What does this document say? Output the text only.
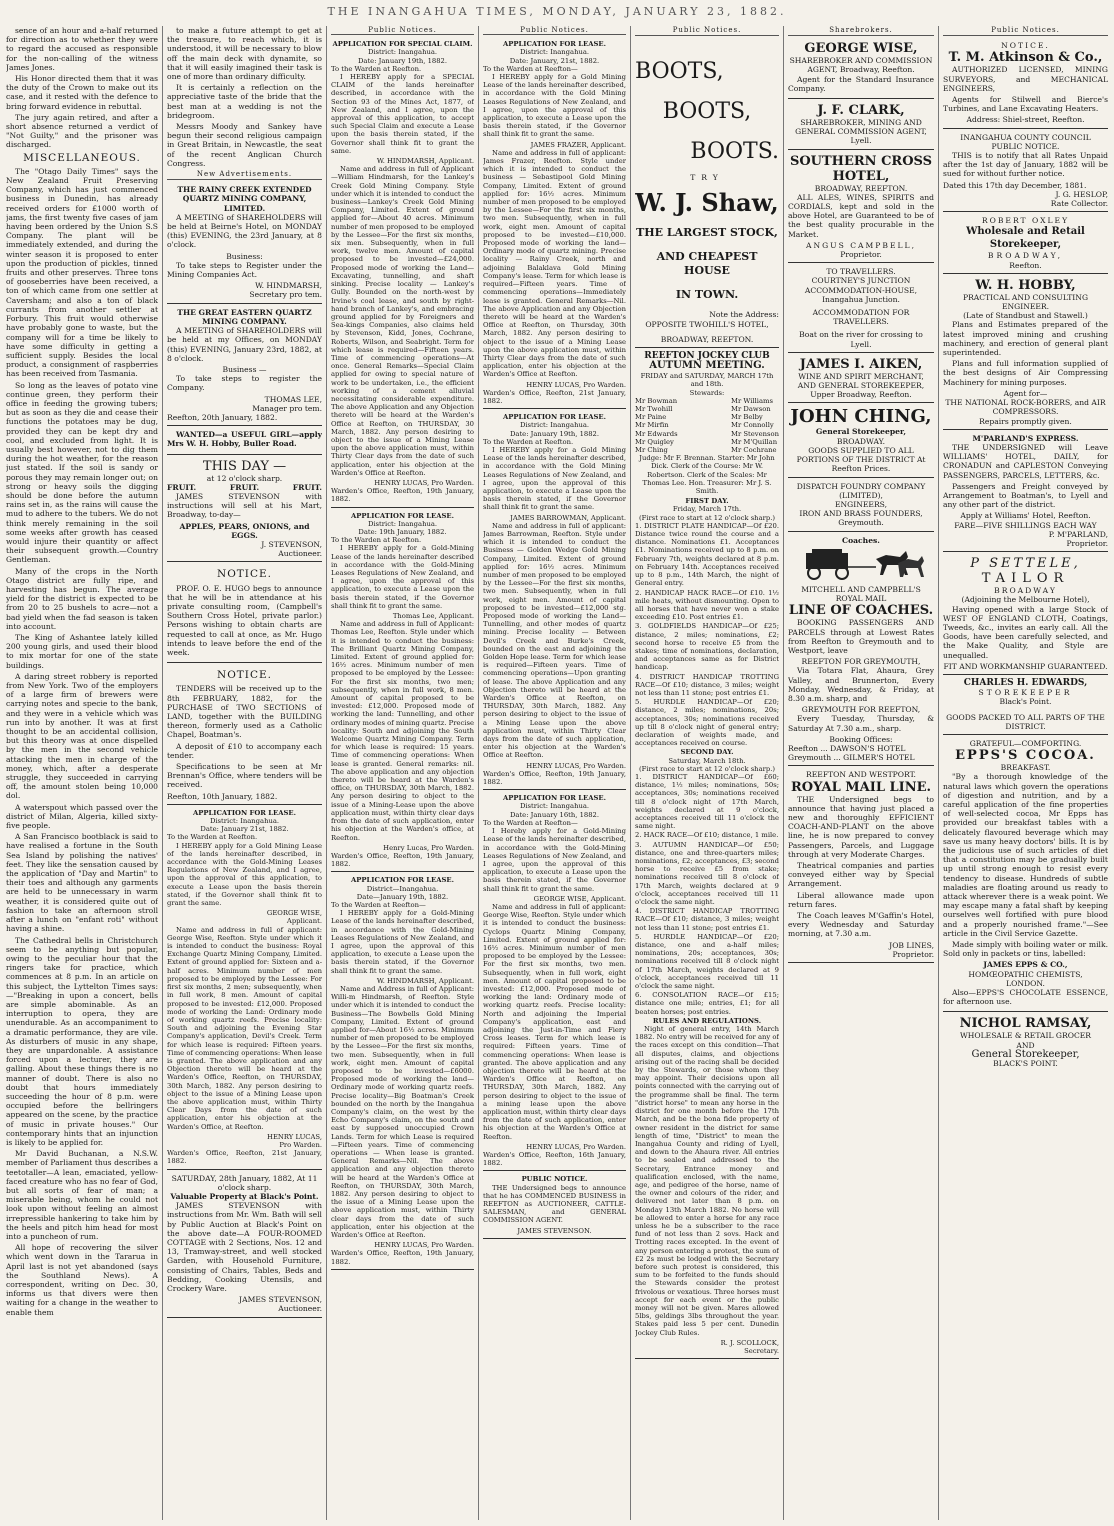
THE INANGAHUA TIMES, MONDAY, JANUARY 23, 1882.

sence of an hour and a-half returned for direction as to whether they were to regard the accused as responsible for the non-calling of the witness James Jones.

His Honor directed them that it was the duty of the Crown to make out its case, and it rested with the defence to bring forward evidence in rebuttal.

The jury again retired, and after a short absence returned a verdict of "Not Guilty," and the prisoner was discharged.

MISCELLANEOUS.

The "Otago Daily Times" says the New Zealand Fruit Preserving Company, which has just commenced business in Dunedin, has already received orders for £1000 worth of jams, the first twenty five cases of jam having been ordered by the Union S.S Company. The plant will be immediately extended, and during the winter season it is proposed to enter upon the production of pickles, tinned fruits and other preserves. Three tons of gooseberries have been received, a ton of which came from one settler at Caversham; and also a ton of black currants from another settler at Forbury. This fruit would otherwise have probably gone to waste, but the company will for a time be likely to have some difficulty in getting a sufficient supply. Besides the local product, a consignment of raspberries has been received from Tasmania.

So long as the leaves of potato vine continue green, they perform their office in feeding the growing tubers; but as soon as they die and cease their functions the potatoes may be dug, provided they can be kept dry and cool, and excluded from light. It is usually best however, not to dig them during the hot weather, for the reason just stated. If the soil is sandy or porous they may remain longer out; on strong or heavy soils the digging should be done before the autumn rains set in, as the rains will cause the mud to adhere to the tubers. We do not think merely remaining in the soil some weeks after growth has ceased would injure their quantity or affect their subsequent growth.—Country Gentleman.

Many of the crops in the North Otago district are fully ripe, and harvesting has begun. The average yield for the district is expected to be from 20 to 25 bushels to acre—not a bad yield when the fad season is taken into account.

The King of Ashantee lately killed 200 young girls, and used their blood to mix mortar for one of the state buildings.

A daring street robbery is reported from New York. Two of the employers of a large firm of brewers were carrying notes and specie to the bank, and they were in a vehicle which was run into by another. It was at first thought to be an accidental collision, but this theory was at once dispelled by the men in the second vehicle attacking the men in charge of the money, which, after a desperate struggle, they succeeded in carrying off, the amount stolen being 10,000 dol.

A waterspout which passed over the district of Milan, Algeria, killed sixty-five people.

A San Francisco bootblack is said to have realised a fortune in the South Sea Island by polishing the natives' feet. They like the sensation caused by the application of "Day and Martin" to their toes and although any garments are held to be unnecessary in warm weather, it is considered quite out of fashion to take an afternoon stroll after a lunch on "enfant roti" without having a shine.

The Cathedral bells in Christchurch seem to be anything but popular, owing to the peculiar hour that the ringers take for practice, which commences at 8 p.m. In an article on this subject, the Lyttelton Times says: —"Breaking in upon a concert, bells are simple abominable. As an interruption to opera, they are unendurable. As an accompaniment to a dramatic performance, they are vile. As disturbers of music in any shape, they are unpardonable. A assistance forced upon a lecturer, they are galling. About these things there is no manner of doubt. There is also no doubt that hours immediately succeeding the hour of 8 p.m. were occupied before the bellringers appeared on the scene, by the practice of music in private houses." Our contemporary hints that an injunction is likely to be applied for.

Mr David Buchanan, a N.S.W. member of Parliament thus describes a teetotaller—A lean, emaciated, yellow-faced creature who has no fear of God, but all sorts of fear of man; a miserable being, whom he could not look upon without feeling an almost irrepressible hankering to take him by the heels and pitch him head for most into a puncheon of rum.

All hope of recovering the silver which went down in the Tararua in April last is not yet abandoned (says the Southland News). A correspondent, writing on Dec. 30, informs us that divers were then waiting for a change in the weather to enable them

to make a future attempt to get at the treasure, to reach which, it is understood, it will be necessary to blow off the main deck with dynamite, so that it will easily imagined their task is one of more than ordinary difficulty.

It is certainly a reflection on the appreciative taste of the bride that the best man at a wedding is not the bridegroom.

Messrs Moody and Sankey have begun their second religious campaign in Great Britain, in Newcastle, the seat of the recent Anglican Church Congress.

New Advertisements.
THE RAINY CREEK EXTENDED QUARTZ MINING COMPANY, LIMITED.

A MEETING of SHAREHOLDERS will be held at Beirne's Hotel, on MONDAY (this) EVENING, the 23rd January, at 8 o'clock.

Business:

To take steps to Register under the Mining Companies Act.

W. HINDMARSH,
Secretary pro tem.
THE GREAT EASTERN QUARTZ MINING COMPANY.

A MEETING of SHAREHOLDERS will be held at my Offices, on MONDAY (this) EVENING, January 23rd, 1882, at 8 o'clock.

Business —

To take steps to register the Company.

THOMAS LEE,
Manager pro tem.
Reefton, 20th January, 1882.

WANTED—a USEFUL GIRL—apply Mrs W. H. Hobby, Buller Road.

THIS DAY —
at 12 o'clock sharp.
FRUIT.	FRUIT.	FRUIT.

JAMES STEVENSON with instructions will sell at his Mart, Broadway, to-day—

APPLES, PEARS, ONIONS, and EGGS.
J. STEVENSON,
Auctioneer.
NOTICE.

PROF. O. E. HUGO begs to announce that he will be in attendance at his private consulting room, (Campbell's Southern Cross Hotel, private parlor.) Persons wishing to obtain charts are requested to call at once, as Mr. Hugo intends to leave before the end of the week.

NOTICE.

TENDERS will be received up to the 8th FEBRUARY, 1882, for the PURCHASE of TWO SECTIONS of LAND, together with the BUILDING thereon, formerly used as a Catholic Chapel, Boatman's.

A deposit of £10 to accompany each tender.

Specifications to be seen at Mr Brennan's Office, where tenders will be received.

Reefton, 10th January, 1882.
APPLICATION FOR LEASE.
District: Inangahua.
Date: January 21st, 1882.
To the Warden at Reefton.

I HEREBY apply for a Gold Mining Lease of the lands hereinafter described, in accordance with the Gold-Mining Leases Regulations of New Zealand, and I agree, upon the approval of this application, to execute a Lease upon the basis therein stated, if the Governor shall think fit to grant the same.

GEORGE WISE,
Applicant.

Name and address in full of applicant: George Wise, Reefton. Style under which it is intended to conduct the business: Royal Exchange Quartz Mining Company, Limited. Extent of ground applied for: Sixteen and a-half acres. Minimum number of men proposed to be employed by the Lessee: For first six months, 2 men; subsequently, when in full work, 8 men. Amount of capital proposed to be invested: £12,000. Proposed mode of working the Land: Ordinary mode of working quartz reefs. Precise locality: South and adjoining the Evening Star Company's application, Devil's Creek. Term for which lease is required: Fifteen years. Time of commencing operations: When lease is granted. The above application and any Objection thereto will be heard at the Warden's Office, Reefton, on THURSDAY, 30th March, 1882. Any person desiring to object to the issue of a Mining Lease upon the above application must, within Thirty Clear Days from the date of such application, enter his objection at the Warden's Office, at Reefton.

HENRY LUCAS,
Pro Warden.
Warden's Office, Reefton, 21st January, 1882.
SATURDAY, 28th January, 1882, At 11 o'clock sharp.
Valuable Property at Black's Point.

JAMES STEVENSON with instructions from Mr. Wm. Bath will sell by Public Auction at Black's Point on the above date—A FOUR-ROOMED COTTAGE with 2 Sections, Nos. 12 and 13, Tramway-street, and well stocked Garden, with Household Furniture, consisting of Chairs, Tables, Beds and Bedding, Cooking Utensils, and Crockery Ware.

JAMES STEVENSON,
Auctioneer.
Public Notices.
APPLICATION FOR SPECIAL CLAIM.
District: Inangahua.
Date: January 19th, 1882.
To the Warden at Reefton.

I HEREBY apply for a SPECIAL CLAIM of the lands hereinafter described, in accordance with the Section 93 of the Mines Act, 1877, of New Zealand, and I agree, upon the approval of this application, to accept such Special Claim and execute a Lease upon the basis therein stated, if the Governor shall think fit to grant the same.

W. HINDMARSH, Applicant.

Name and address in full of Applicant —William Hindmarsh, for the Lankey's Creek Gold Mining Company. Style under which it is intended to conduct the business—Lankey's Creek Gold Mining Company, Limited. Extent of ground applied for—About 40 acres. Minimum number of men proposed to be employed by the Lessee—For the first six months, six men. Subsequently, when in full work, twelve men. Amount of capital proposed to be invested—£24,000. Proposed mode of working the Land—Excavating, tunnelling, and shaft sinking. Precise locality — Lankey's Gully. Bounded on the north-west by Irvine's coal lease, and south by right-hand branch of Lankey's, and embracing ground applied for by Foreigners and Sea-kings Companies, also claims held by Stevenson, Kidd, Jones, Cochrane, Roberts, Wilson, and Seabright. Term for which lease is required—Fifteen years. Time of commencing operations—At once. General Remarks—Special Claim applied for owing to special nature of work to be undertaken, i.e., the efficient working of a cement alluvial necessitating considerable expenditure. The above Application and any Objection thereto will be heard at the Warden's Office at Reefton, on THURSDAY, 30 March, 1882. Any person desiring to object to the issue of a Mining Lease upon the above application must, within Thirty Clear days from the date of such application, enter his objection at the Warden's Office at Reefton.

HENRY LUCAS, Pro Warden.
Warden's Office, Reefton, 19th January, 1882.
APPLICATION FOR LEASE.
District: Inangahua.
Date: 19th January, 1882.
To the Warden at Reefton.

I HEREBY apply for a Gold-Mining Lease of the lands hereinafter described in accordance with the Gold-Mining Leases Regulations of New Zealand, and I agree, upon the approval of this application, to execute a Lease upon the basis therein stated, if the Governor shall think fit to grant the same.

Thomas Lee, Applicant.

Name and address in full of Applicant: Thomas Lee, Reefton. Style under which it is intended to conduct the business: The Brilliant Quartz Mining Company, Limited. Extent of ground applied for: 16½ acres. Minimum number of men proposed to be employed by the Lessee: For the first six months, two men; subsequently, when in full work, 8 men. Amount of capital proposed to be invested: £12,000. Proposed mode of working the land: Tunnelling, and other ordinary modes of mining quartz. Precise locality: South and adjoining the South Welcome Quartz Mining Company. Term for which lease is required: 15 years. Time of commencing operations: When lease is granted. General remarks: nil. The above application and any objection thereto will be heard at the Warden's office, on THURSDAY, 30th March, 1882. Any person desiring to object to the issue of a Mining-Lease upon the above application must, within thirty clear days from the date of such application, enter his objection at the Warden's office, at Reefton.

Henry Lucas, Pro Warden.
Warden's Office, Reefton, 19th January, 1882.
APPLICATION FOR LEASE.
District—Inangahua.
Date—January 19th, 1882.
To the Warden at Reefton—

I HEREBY apply for a Gold-Mining Lease of the lands hereinafter described, in accordance with the Gold-Mining Leases Regulations of New Zealand, and I agree, upon the approval of this application, to execute a Lease upon the basis therein stated, if the Governor shall think fit to grant the same.

W. HINDMARSH, Applicant.

Name and Address in full of Applicant: Willi-m Hindmarsh, of Reefton. Style under which it is intended to conduct the Business—The Bowbells Gold Mining Company, Limited. Extent of ground applied for—About 16½ acres. Minimum number of men proposed to be employed by the Lessee—For the first six months, two men. Subsequently, when in full work, eight men. Amount of capital proposed to be invested—£6000. Proposed mode of working the land—Ordinary mode of working quartz reefs. Precise locality—Big Boatman's Creek bounded on the north by the Inangahua Company's claim, on the west by the Echo Company's claim, on the south and east by supposed unoccupied Crown Lands. Term for which Lease is required—Fifteen years. Time of commencing operations — When lease is granted. General Remarks—Nil. The above application and any objection thereto will be heard at the Warden's Office at Reefton, on THURSDAY, 30th March, 1882. Any person desiring to object to the issue of a Mining Lease upon the above application must, within Thirty clear days from the date of such application, enter his objection at the Warden's Office at Reefton.

HENRY LUCAS, Pro Warden.
Warden's Office, Reefton, 19th January, 1882.
Public Notices.
APPLICATION FOR LEASE.
District: Inangahua.
Date: January, 21st, 1882.
To the Warden at Reefton—

I HEREBY apply for a Gold Mining Lease of the lands hereinafter described, in accordance with the Gold Mining Leases Regulations of New Zealand, and I agree, upon the approval of this application, to execute a Lease upon the basis therein stated, if the Governor shall think fit to grant the same.

JAMES FRAZER, Applicant.

Name and address in full of applicant: James Frazer, Reefton. Style under which it is intended to conduct the business — Sebastipool Gold Mining Company, Limited. Extent of ground applied for: 16½ acres. Minimum number of men proposed to be employed by the Lessee—For the first six months, two men. Subsequently, when in full work, eight men. Amount of capital proposed to be invested—£10,000. Proposed mode of working the land—Ordinary mode of quartz mining. Precise locality — Rainy Creek, north and adjoining Balaklava Gold Mining Company's lease. Term for which lease is required—Fifteen years. Time of commencing operations—Immediately lease is granted. General Remarks—Nil. The above Application and any Objection thereto will be heard at the Warden's Office at Reefton, on Thursday, 30th March, 1882. Any person desiring to object to the issue of a Mining Lease upon the above application must, within Thirty Clear days from the date of such application, enter his objection at the Warden's Office at Reefton.

HENRY LUCAS, Pro Warden.
Warden's Office, Reefton, 21st January, 1882.
APPLICATION FOR LEASE.
District: Inangahua.
Date: January 19th, 1882.
To the Warden at Reefton.

I HEREBY apply for a Gold Mining Lease of the lands hereinafter described, in accordance with the Gold Mining Leases Regulations of New Zealand, and I agree, upon the approval of this application, to execute a Lease upon the basis therein stated, if the Governor shall think fit to grant the same.

JAMES BARROWMAN, Applicant.

Name and address in full of applicant: James Barrowman, Reefton. Style under which it is intended to conduct the Business — Golden Wedge Gold Mining Company, Limited. Extent of ground applied for: 16½ acres. Minimum number of men proposed to be employed by the Lessee—For the first six months, two men. Subsequently, when in full work, eight men. Amount of capital proposed to be invested—£12,000 stg. Proposed mode of working the Land—Tunnelling, and other modes of quartz mining. Precise locality — Between Devil's Creek and Burke's Creek, bounded on the east and adjoining the Golden Hope lease. Term for which lease is required—Fifteen years. Time of commencing operations—Upon granting of lease. The above Application and any Objection thereto will be heard at the Warden's Office at Reefton, on THURSDAY, 30th March, 1882. Any person desiring to object to the issue of a Mining Lease upon the above application must, within Thirty Clear days from the date of such application, enter his objection at the Warden's Office at Reefton.

HENRY LUCAS, Pro Warden.
Warden's Office, Reefton, 19th January, 1882.
APPLICATION FOR LEASE.
District: Inangahua.
Date: January 16th, 1882.
To the Warden at Reefton—

I Hereby apply for a Gold-Mining Lease of the lands hereinafter described, in accordance with the Gold-Mining Leases Regulations of New Zealand, and I agree, upon the approval of this application, to execute a Lease upon the basis therein stated, if the Governor shall think fit to grant the same.

GEORGE WISE, Applicant.

Name and address in full of applicant: George Wise, Reefton. Style under which it is intended to conduct the business: Cyclops Quartz Mining Company, Limited. Extent of ground applied for: 16½ acres. Minimum number of men proposed to be employed by the Lessee: For the first six months, two men. Subsequently, when in full work, eight men. Amount of capital proposed to be invested: £12,000. Proposed mode of working the land: Ordinary mode of working quartz reefs. Precise locality: North and adjoining the Imperial Company's application, east and adjoining the Just-in-Time and Fiery Cross leases. Term for which lease is required: Fifteen years. Time of commencing operations: When lease is granted. The above application and any objection thereto will be heard at the Warden's Office at Reefton, on THURSDAY, 30th March, 1882. Any person desiring to object to the issue of a mining lease upon the above application must, within thirty clear days from the date of such application, enter his objection at the Warden's Office at Reefton.

HENRY LUCAS, Pro Warden.
Warden's Office, Reefton, 16th January, 1882.
PUBLIC NOTICE.

THE Undersigned begs to announce that he has COMMENCED BUSINESS in REEFTON as AUCTIONEER, CATTLE-SALESMAN, and GENERAL COMMISSION AGENT.

JAMES STEVENSON.
Public Notices.
BOOTS,
BOOTS,
BOOTS.
TRY
W. J. Shaw,
THE LARGEST STOCK,
AND CHEAPEST HOUSE
IN TOWN.
Note the Address:
OPPOSITE TWOHILL'S HOTEL,
BROADWAY, REEFTON.
REEFTON JOCKEY CLUB
AUTUMN MEETING.
FRIDAY and SATURDAY, MARCH 17th and 18th.
Stewards:
Mr Bowman
Mr Twohill
Mr Paine
Mr Mirfin
Mr Edwards
Mr Quigley
Mr Ching
Mr Williams
Mr Dawson
Mr Belby
Mr Connolly
Mr Stevenson
Mr M'Quillan
Mr Cochrane

Judge: Mr F. Brennan. Starter: Mr John Dick. Clerk of the Course: Mr W. Robertson. Clerk of the Scales: Mr Thomas Lee. Hon. Treasurer: Mr J. S. Smith.

FIRST DAY.
Friday, March 17th.
(First race to start at 12 o'clock sharp.)
1. DISTRICT PLATE HANDICAP—Of £20. Distance twice round the course and a distance. Nominations £1. Acceptances £1. Nominations received up to 8 p.m. on February 7th, weights declared at 8 p.m. on February 14th. Acceptances received up to 8 p.m., 14th March, the night of General entry.
2. HANDICAP HACK RACE—Of £10. 1½ mile heats, without dismounting. Open to all horses that have never won a stake exceeding £10. Post entries £1.
3. GOLDFIELDS HANDICAP—Of £25; distance, 2 miles; nominations, £2; second horse to receive £5 from the stakes; time of nominations, declaration, and acceptances same as for District handicap.
4. DISTRICT HANDICAP TROTTING RACE—Of £10; distance, 3 miles; weight not less than 11 stone; post entries £1.
5. HURDLE HANDICAP—Of £20; distance, 2 miles; nominations, 20s; acceptances, 30s; nominations received up till 8 o'clock night of general entry; declaration of weights made, and acceptances received on course.
SECOND DAY.
Saturday, March 18th.
(First race to start at 12 o'clock sharp.)
1. DISTRICT HANDICAP—Of £60; distance, 1½ miles; nominations, 50s; acceptances, 30s; nominations received till 8 o'clock night of 17th March, weights declared at 9 o'clock, acceptances received till 11 o'clock the same night.
2. HACK RACE—Of £10; distance, 1 mile.
3. AUTUMN HANDICAP—Of £50; distance, one and three-quarters miles; nominations, £2; acceptances, £3; second horse to receive £5 from stake; nominations received till 8 o'clock of 17th March, weights declared at 9 o'clock, acceptances received till 11 o'clock the same night.
4. DISTRICT HANDICAP TROTTING RACE—Of £10; distance, 3 miles; weight not less than 11 stone; post entries £1.
5. HURDLE HANDICAP—Of £20; distance, one and a-half miles; nominations, 20s; acceptances, 30s; nominations received till 8 o'clock night of 17th March, weights declared at 9 o'clock, acceptances received till 11 o'clock the same night.
6. CONSOLATION RACE—Of £15; distance one mile; entries, £1; for all beaten horses; post entries.
RULES AND REGULATIONS.

Night of general entry, 14th March 1882. No entry will be received for any of the races except on this condition—That all disputes, claims, and objections arising out of the racing shall be decided by the Stewards, or those whom they may appoint. Their decisions upon all points connected with the carrying out of the programme shall be final. The term "district horse" to mean any horse in the district for one month before the 17th March, and be the bona fide property of owner resident in the district for same length of time, "District" to mean the Inangahua County and riding of Lyell, and down to the Ahaura river. All entries to be sealed and addressed to the Secretary, Entrance money and qualification enclosed, with the name, age, and pedigree of the horse, name of the owner and colours of the rider, and delivered not later than 8 p.m. on Monday 13th March 1882. No horse will be allowed to enter a horse for any race unless he be a subscriber to the race fund of not less than 2 sovs. Hack and Trotting races excepted. In the event of any person entering a protest, the sum of £2 2s must be lodged with the Secretary before such protest is considered, this sum to be forfeited to the funds should the Stewards consider the protest frivolous or vexatious. Three horses must accept for each event or the public money will not be given. Mares allowed 5lbs, geldings 3lbs throughout the year. Stakes paid less 5 per cent. Dunedin Jockey Club Rules.

R. J. SCOLLOCK,
Secretary.
Sharebrokers.
GEORGE WISE,
SHAREBROKER AND COMMISSION AGENT, Broadway, Reefton.

Agent for the Standard Insurance Company.

J. F. CLARK,
SHAREBROKER, MINING AND GENERAL COMMISSION AGENT,
Lyell.
SOUTHERN CROSS HOTEL,
BROADWAY, REEFTON.

ALL ALES, WINES, SPIRITS and CORDIALS, kept and sold in the above Hotel, are Guaranteed to be of the best quality procurable in the Market.

ANGUS CAMPBELL,
Proprietor.
TO TRAVELLERS.
COURTNEY'S JUNCTION ACCOMMODATION-HOUSE,
Inangahua Junction.
ACCOMMODATION FOR TRAVELLERS.
Boat on the river for crossing to Lyell.
JAMES I. AIKEN,
WINE AND SPIRIT MERCHANT, AND GENERAL STOREKEEPER,
Upper Broadway, Reefton.
JOHN CHING,
General Storekeeper,
BROADWAY.
GOODS SUPPLIED TO ALL PORTIONS OF THE DISTRICT At Reefton Prices.
DISPATCH FOUNDRY COMPANY (LIMITED),
ENGINEERS,
IRON AND BRASS FOUNDERS,
Greymouth.
Coaches.
MITCHELL AND CAMPBELL'S ROYAL MAIL
LINE OF COACHES.

BOOKING PASSENGERS AND PARCELS through at Lowest Rates from Reefton to Greymouth and to Westport, leave

REEFTON FOR GREYMOUTH,

Via Totara Flat, Ahaura, Grey Valley, and Brunnerton, Every Monday, Wednesday, & Friday, at 8.30 a.m. sharp, and

GREYMOUTH FOR REEFTON,

Every Tuesday, Thursday, & Saturday At 7.30 a.m., sharp.

Booking Offices:
Reefton ... DAWSON'S HOTEL
Greymouth ... GILMER'S HOTEL
REEFTON AND WESTPORT.
ROYAL MAIL LINE.

THE Undersigned begs to announce that having just placed a new and thoroughly EFFICIENT COACH-AND-PLANT on the above line, he is now prepared to convey Passengers, Parcels, and Luggage through at very Moderate Charges.

Theatrical companies and parties conveyed either way by Special Arrangement.

Liberal allowance made upon return fares.

The Coach leaves M'Gaffin's Hotel, every Wednesday and Saturday morning, at 7.30 a.m.

JOB LINES,
Proprietor.
Public Notices.
NOTICE.
T. M. Atkinson & Co.,

AUTHORIZED LICENSED, MINING SURVEYORS, and MECHANICAL ENGINEERS,

Agents for Stilwell and Bierce's Turbines, and Lane Excavating Heaters.

Address: Shiel-street, Reefton.
INANGAHUA COUNTY COUNCIL
PUBLIC NOTICE.

THIS is to notify that all Rates Unpaid after the 1st day of January, 1882 will be sued for without further notice.

Dated this 17th day December, 1881.
J. G. HESLOP,
Rate Collector.
ROBERT OXLEY
Wholesale and Retail Storekeeper,
BROADWAY,
Reefton.
W. H. HOBBY,
PRACTICAL AND CONSULTING ENGINEER.
(Late of Standbust and Stawell.)

Plans and Estimates prepared of the latest improved mining and crushing machinery, and erection of general plant superintended.

Plans and full information supplied of the best designs of Air Compressing Machinery for mining purposes.

Agent for—
THE NATIONAL ROCK-BORERS, and AIR COMPRESSORS.
Repairs promptly given.
M'PARLAND'S EXPRESS.

THE UNDERSIGNED will Leave WILLIAMS' HOTEL, DAILY, for CRONADUN and CAPLESTON Conveying PASSENGERS, PARCELS, LETTERS, &c.

Passengers and Freight conveyed by Arrangement to Boatman's, to Lyell and any other part of the district.

Apply at Williams' Hotel, Reefton.
FARE—FIVE SHILLINGS EACH WAY
P. M'PARLAND,
Proprietor.
P SETTELE,
TAILOR
BROADWAY
(Adjoining the Melbourne Hotel),

Having opened with a large Stock of WEST OF ENGLAND CLOTH, Coatings, Tweeds, &c., invites an early call. All the Goods, have been carefully selected, and the Make Quality, and Style are unequalled.

FIT AND WORKMANSHIP GUARANTEED.
CHARLES H. EDWARDS,
STOREKEEPER
Black's Point.
GOODS PACKED TO ALL PARTS OF THE DISTRICT.
GRATEFUL—COMFORTING.
EPPS'S COCOA.
BREAKFAST.

"By a thorough knowledge of the natural laws which govern the operations of digestion and nutrition, and by a careful application of the fine properties of well-selected cocoa, Mr Epps has provided our breakfast tables with a delicately flavoured beverage which may save us many heavy doctors' bills. It is by the judicious use of such articles of diet that a constitution may be gradually built up until strong enough to resist every tendency to disease. Hundreds of subtle maladies are floating around us ready to attack wherever there is a weak point. We may escape many a fatal shaft by keeping ourselves well fortified with pure blood and a properly nourished frame."—See article in the Civil Service Gazette.

Made simply with boiling water or milk. Sold only in packets or tins, labelled:

JAMES EPPS & CO.,
HOMŒOPATHIC CHEMISTS,
LONDON.

Also—EPPS'S CHOCOLATE ESSENCE, for afternoon use.

NICHOL RAMSAY,
WHOLESALE & RETAIL GROCER
AND
General Storekeeper,
BLACK'S POINT.
